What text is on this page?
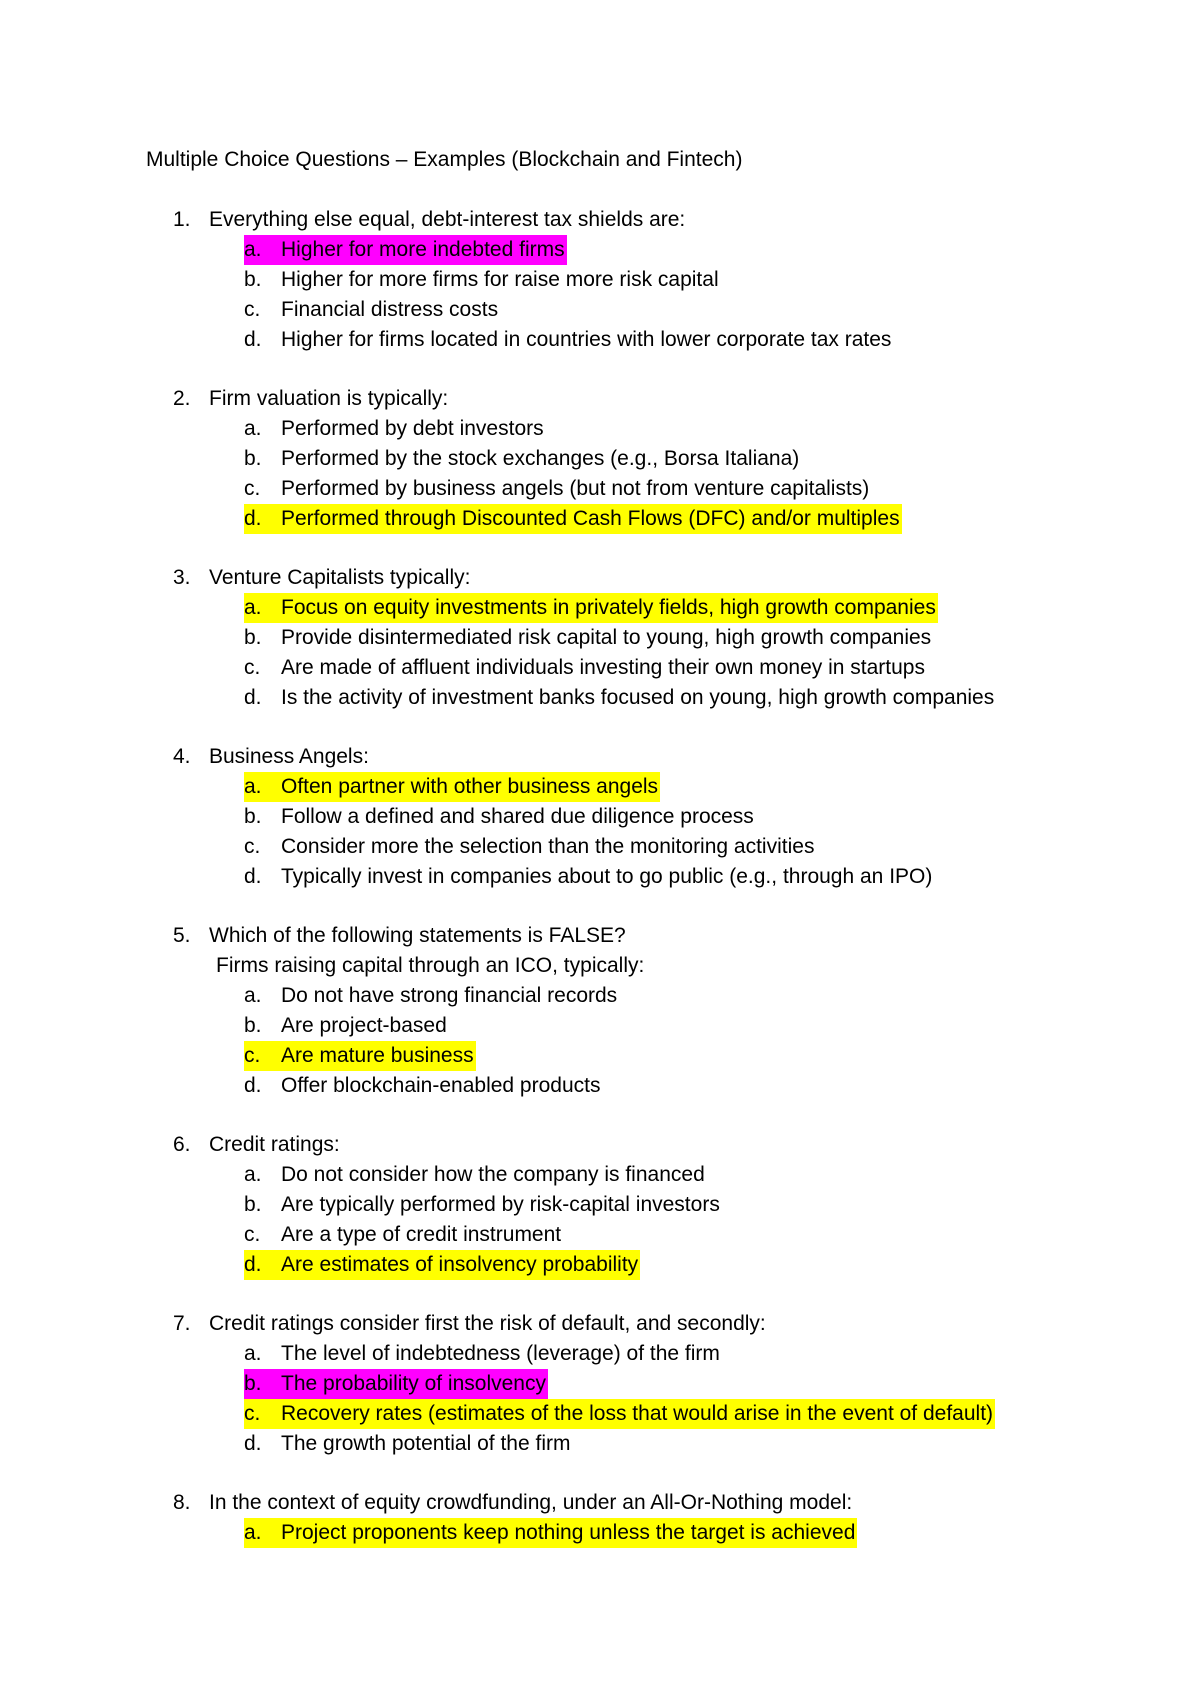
Multiple Choice Questions – Examples (Blockchain and Fintech)
1. Everything else equal, debt-interest tax shields are:
a. Higher for more indebted firms
b. Higher for more firms for raise more risk capital
c. Financial distress costs
d. Higher for firms located in countries with lower corporate tax rates
2. Firm valuation is typically:
a. Performed by debt investors
b. Performed by the stock exchanges (e.g., Borsa Italiana)
c. Performed by business angels (but not from venture capitalists)
d. Performed through Discounted Cash Flows (DFC) and/or multiples
3. Venture Capitalists typically:
a. Focus on equity investments in privately fields, high growth companies
b. Provide disintermediated risk capital to young, high growth companies
c. Are made of affluent individuals investing their own money in startups
d. Is the activity of investment banks focused on young, high growth companies
4. Business Angels:
a. Often partner with other business angels
b. Follow a defined and shared due diligence process
c. Consider more the selection than the monitoring activities
d. Typically invest in companies about to go public (e.g., through an IPO)
5. Which of the following statements is FALSE?
Firms raising capital through an ICO, typically:
a. Do not have strong financial records
b. Are project-based
c. Are mature business
d. Offer blockchain-enabled products
6. Credit ratings:
a. Do not consider how the company is financed
b. Are typically performed by risk-capital investors
c. Are a type of credit instrument
d. Are estimates of insolvency probability
7. Credit ratings consider first the risk of default, and secondly:
a. The level of indebtedness (leverage) of the firm
b. The probability of insolvency
c. Recovery rates (estimates of the loss that would arise in the event of default)
d. The growth potential of the firm
8. In the context of equity crowdfunding, under an All-Or-Nothing model:
a. Project proponents keep nothing unless the target is achieved
